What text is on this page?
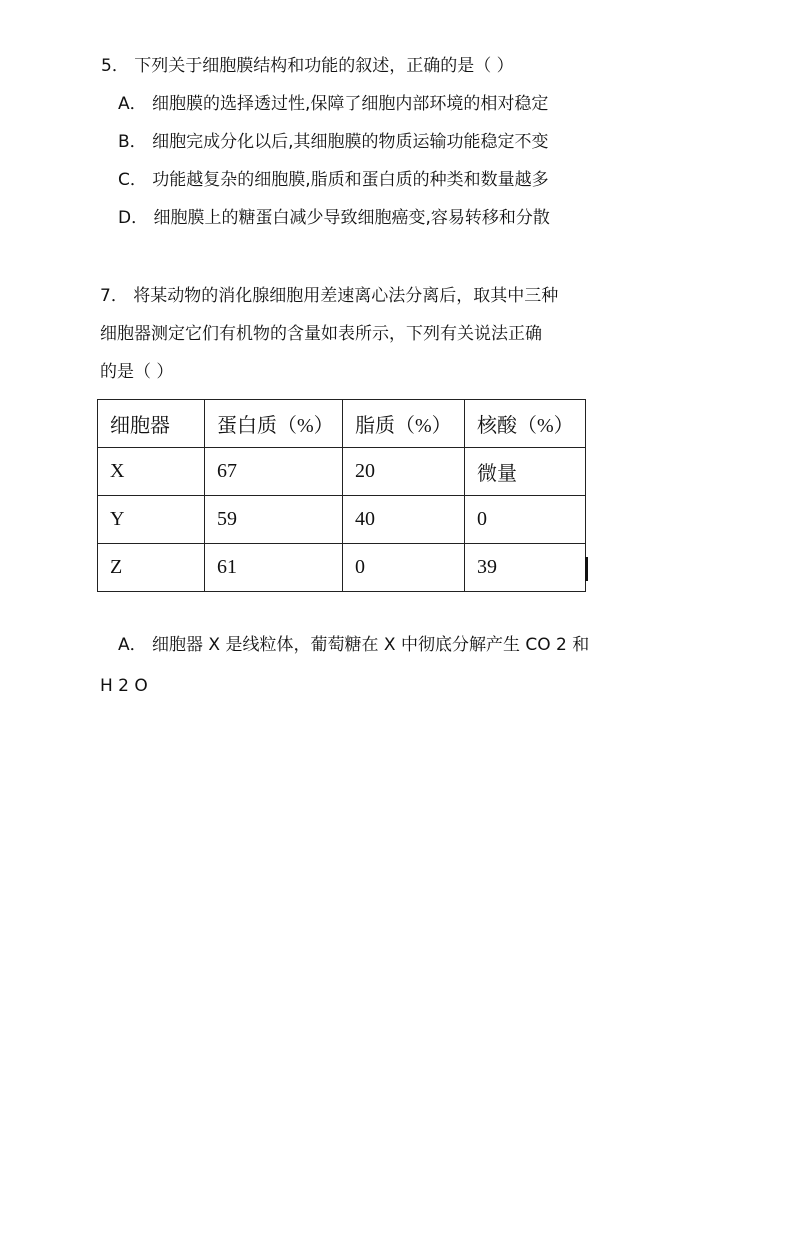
5． 下列关于细胞膜结构和功能的叙述，正确的是（ ）
A． 细胞膜的选择透过性,保障了细胞内部环境的相对稳定
B． 细胞完成分化以后,其细胞膜的物质运输功能稳定不变
C． 功能越复杂的细胞膜,脂质和蛋白质的种类和数量越多
D． 细胞膜上的糖蛋白减少导致细胞癌变,容易转移和分散
7． 将某动物的消化腺细胞用差速离心法分离后，取其中三种
细胞器测定它们有机物的含量如表所示，下列有关说法正确
的是（ ）
细胞器	蛋白质（%）	脂质（%）	核酸（%）
X	67	20	微量
Y	59	40	0
Z	61	0	39
A． 细胞器 X 是线粒体，葡萄糖在 X 中彻底分解产生 CO 2 和
H 2 O
